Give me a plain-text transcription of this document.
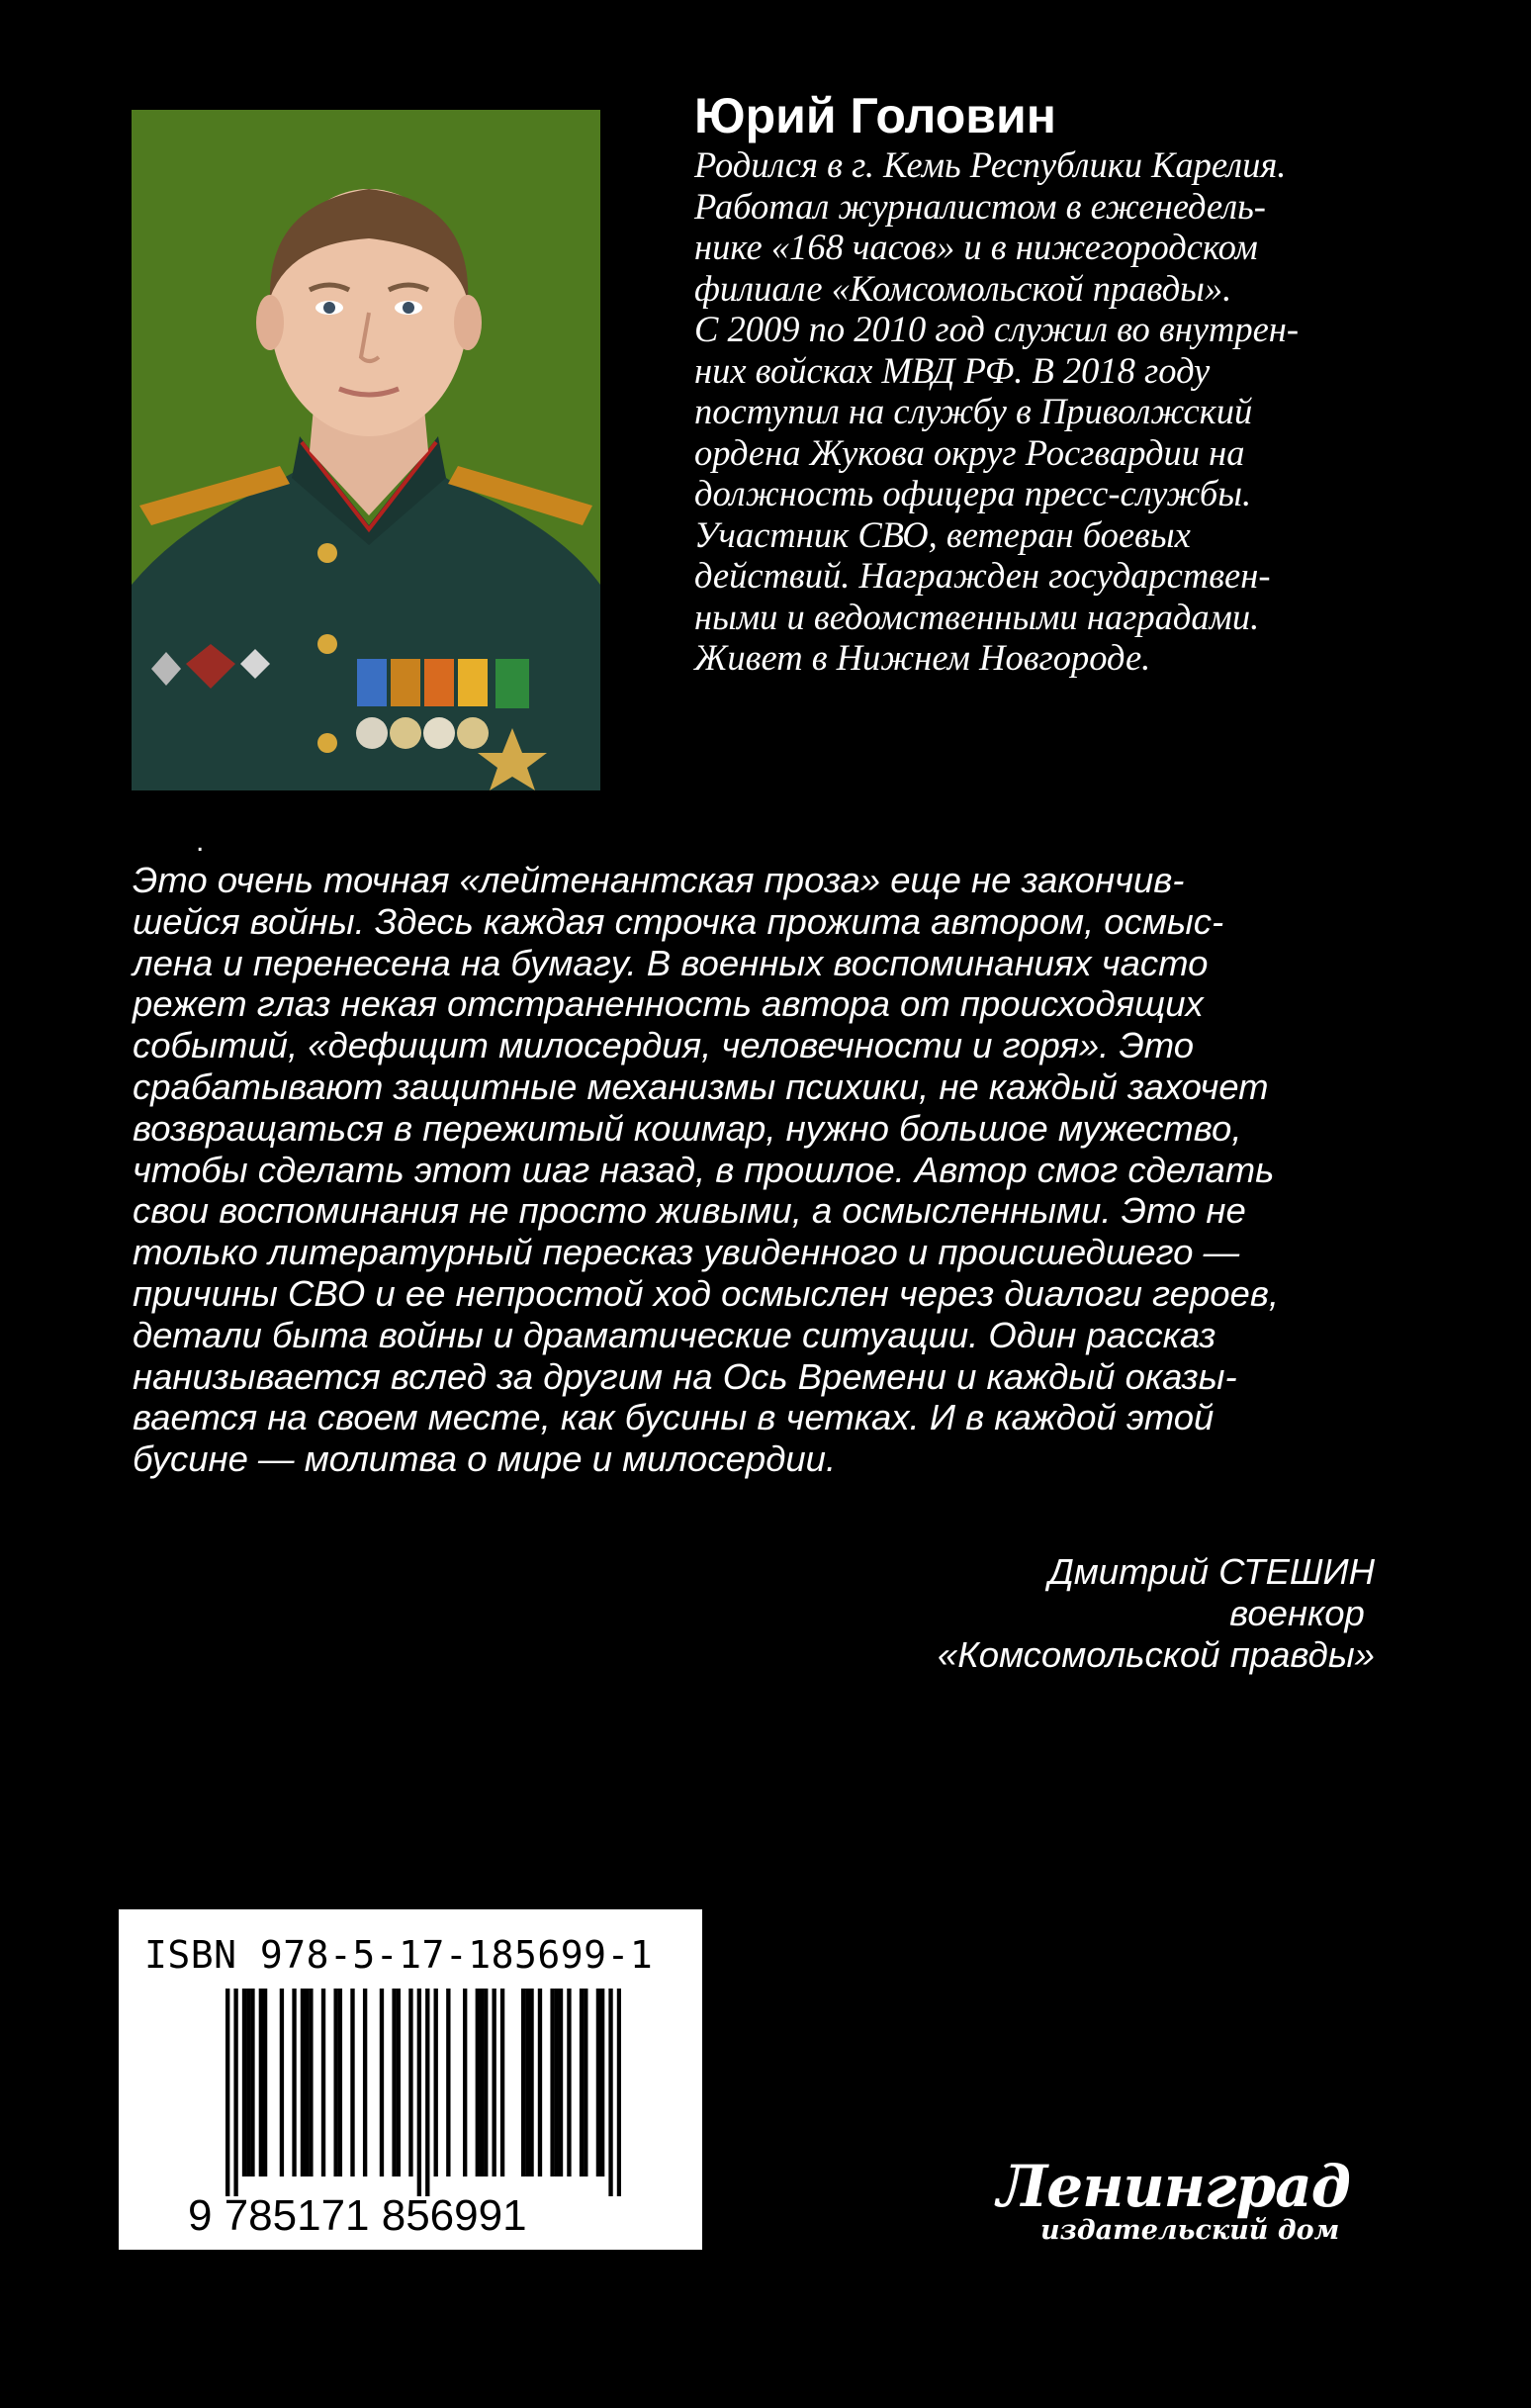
Юрий Головин

Родился в г. Кемь Республики Карелия.
Работал журналистом в еженедель-
нике «168 часов» и в нижегородском
филиале «Комсомольской правды».
С 2009 по 2010 год служил во внутрен-
них войсках МВД РФ. В 2018 году
поступил на службу в Приволжский
ордена Жукова округ Росгвардии на
должность офицера пресс-службы.
Участник СВО, ветеран боевых
действий. Награжден государствен-
ными и ведомственными наградами.
Живет в Нижнем Новгороде.

.
Это очень точная «лейтенантская проза» еще не закончив-
шейся войны. Здесь каждая строчка прожита автором, осмыс-
лена и перенесена на бумагу. В военных воспоминаниях часто
режет глаз некая отстраненность автора от происходящих
событий, «дефицит милосердия, человечности и горя». Это
срабатывают защитные механизмы психики, не каждый захочет
возвращаться в пережитый кошмар, нужно большое мужество,
чтобы сделать этот шаг назад, в прошлое. Автор смог сделать
свои воспоминания не просто живыми, а осмысленными. Это не
только литературный пересказ увиденного и происшедшего —
причины СВО и ее непростой ход осмыслен через диалоги героев,
детали быта войны и драматические ситуации. Один рассказ
нанизывается вслед за другим на Ось Времени и каждый оказы-
вается на своем месте, как бусины в четках. И в каждой этой
бусине — молитва о мире и милосердии.
Дмитрий СТЕШИН
военкор
«Комсомольской правды»
ISBN 978-5-17-185699-1
9 785171 856991	Ленинград
издательский дом
